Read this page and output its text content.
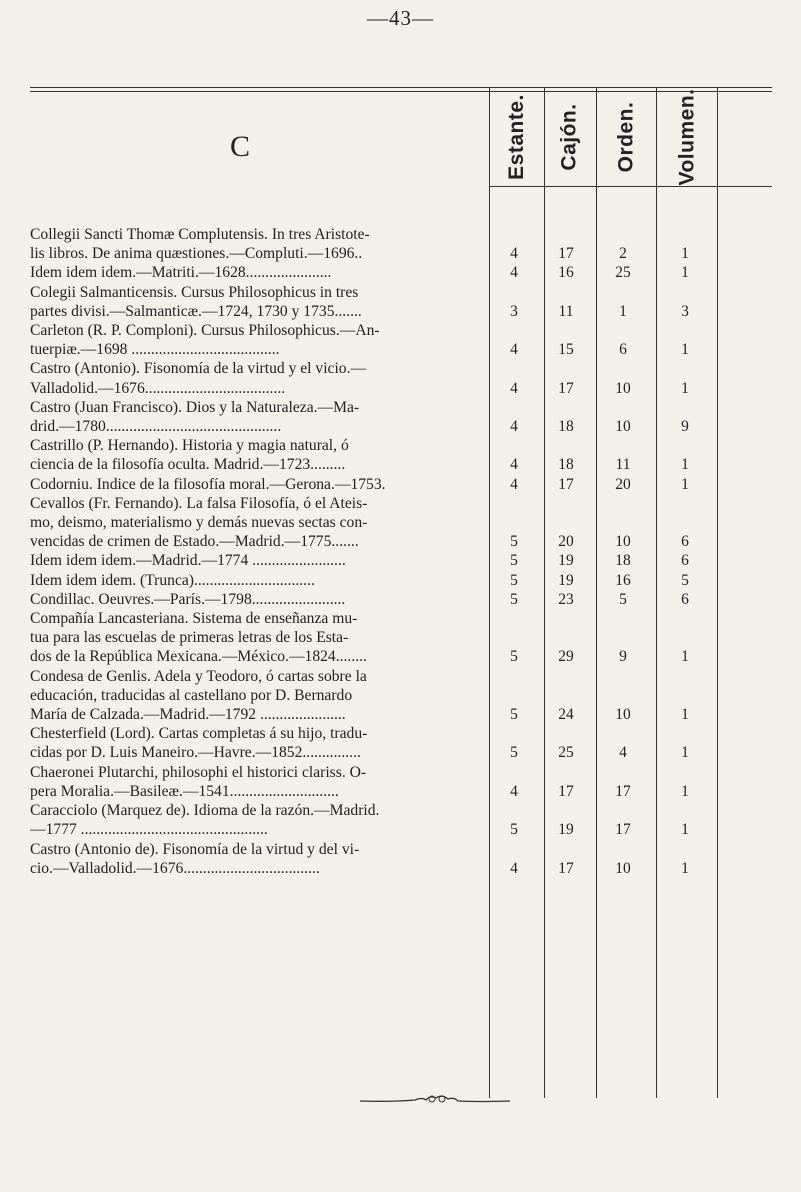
—43—
Estante. Cajón. Orden. Volumen.
C
Collegii Sancti Thomæ Complutensis. In tres Aristote-
lis libros. De anima quæstiones.—Compluti.—1696..	4	17	2	1
Idem idem idem.—Matriti.—1628......................	4	16	25	1
Colegii Salmanticensis. Cursus Philosophicus in tres
partes divisi.—Salmanticæ.—1724, 1730 y 1735.......	3	11	1	3
Carleton (R. P. Comploni). Cursus Philosophicus.—An-
tuerpiæ.—1698 ......................................	4	15	6	1
Castro (Antonio). Fisonomía de la virtud y el vicio.—
Valladolid.—1676....................................	4	17	10	1
Castro (Juan Francisco). Dios y la Naturaleza.—Ma-
drid.—1780.............................................	4	18	10	9
Castrillo (P. Hernando). Historia y magia natural, ó
ciencia de la filosofía oculta. Madrid.—1723.........	4	18	11	1
Codorniu. Indice de la filosofía moral.—Gerona.—1753.	4	17	20	1
Cevallos (Fr. Fernando). La falsa Filosofía, ó el Ateis-
mo, deismo, materialismo y demás nuevas sectas con-
vencidas de crimen de Estado.—Madrid.—1775.......	5	20	10	6
Idem idem idem.—Madrid.—1774 ........................	5	19	18	6
Idem idem idem. (Trunca)...............................	5	19	16	5
Condillac. Oeuvres.—París.—1798........................	5	23	5	6
Compañía Lancasteriana. Sistema de enseñanza mu-
tua para las escuelas de primeras letras de los Esta-
dos de la República Mexicana.—México.—1824........	5	29	9	1
Condesa de Genlis. Adela y Teodoro, ó cartas sobre la
educación, traducidas al castellano por D. Bernardo
María de Calzada.—Madrid.—1792 ......................	5	24	10	1
Chesterfield (Lord). Cartas completas á su hijo, tradu-
cidas por D. Luis Maneiro.—Havre.—1852...............	5	25	4	1
Chaeronei Plutarchi, philosophi el historici clariss. O-
pera Moralia.—Basileæ.—1541............................	4	17	17	1
Caracciolo (Marquez de). Idioma de la razón.—Madrid.
—1777 ................................................	5	19	17	1
Castro (Antonio de). Fisonomía de la virtud y del vi-
cio.—Valladolid.—1676...................................	4	17	10	1
